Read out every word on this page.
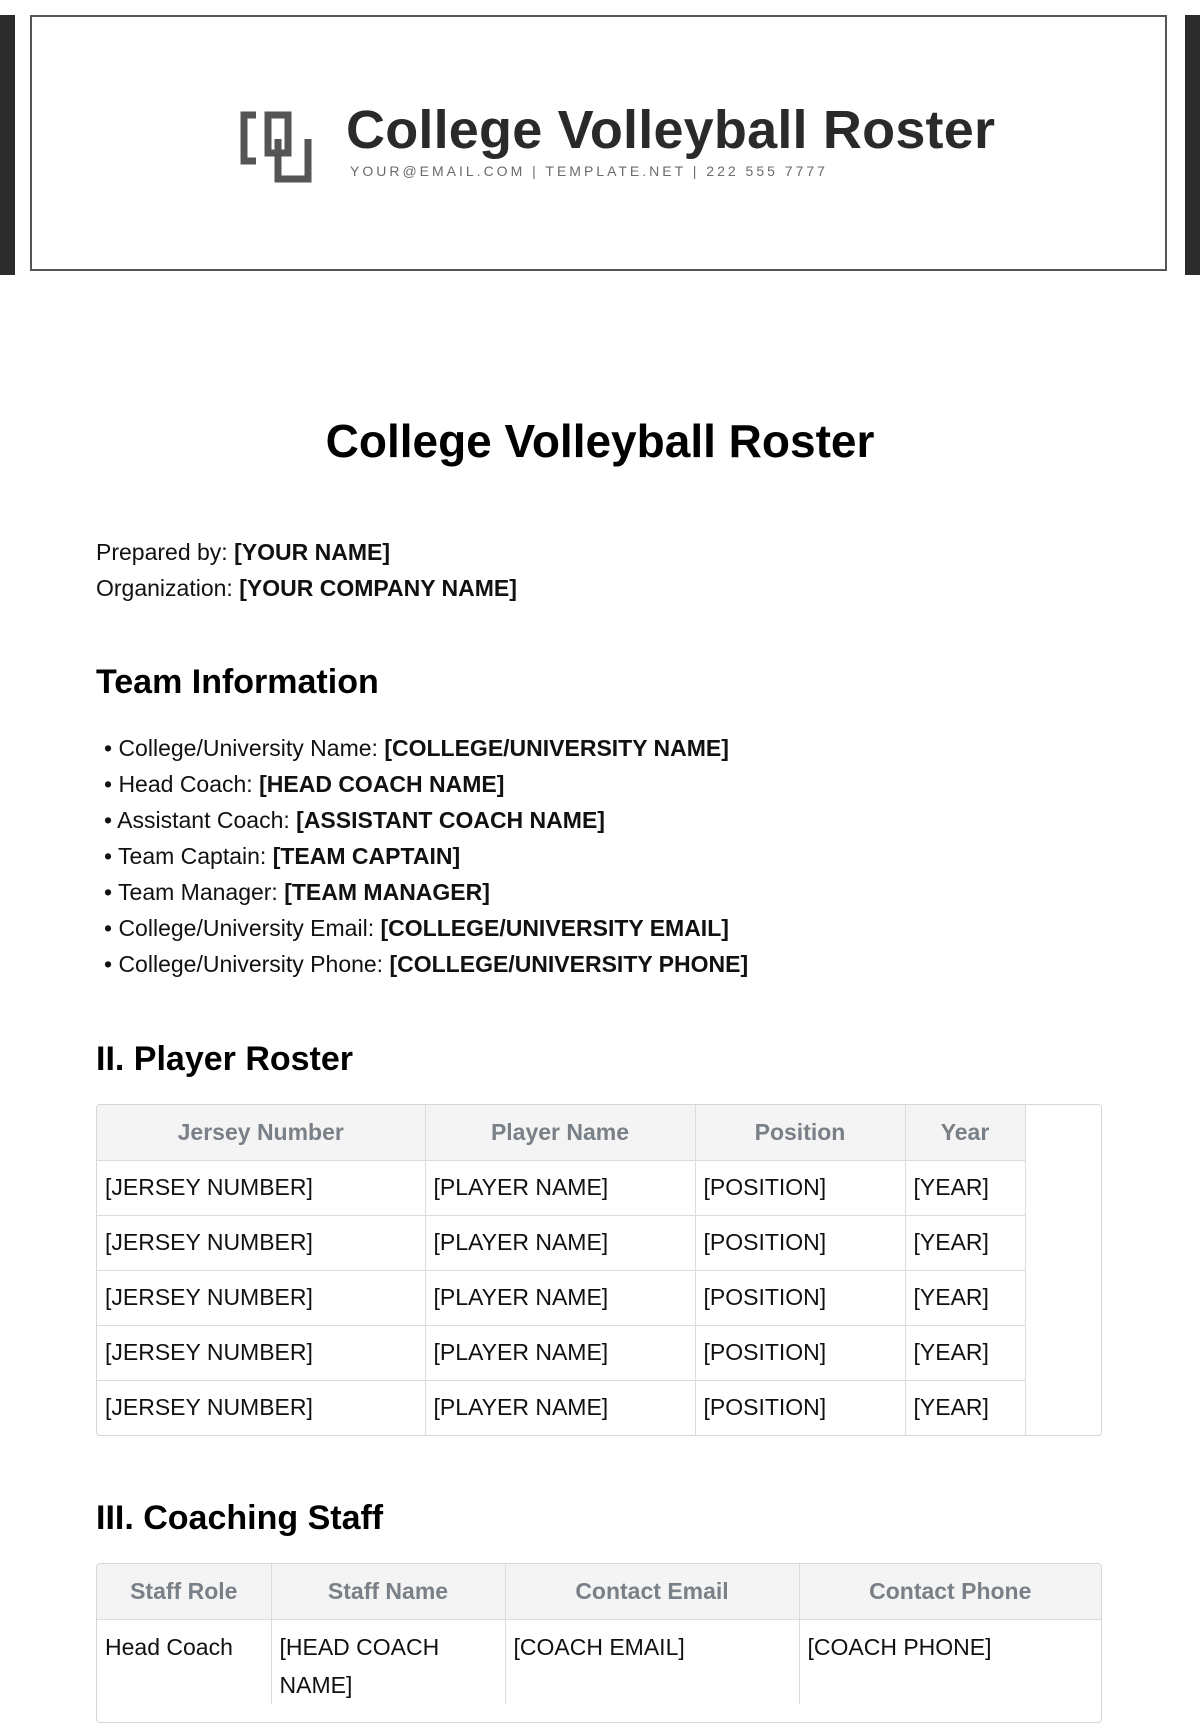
College Volleyball Roster
YOUR@EMAIL.COM | TEMPLATE.NET | 222 555 7777
College Volleyball Roster
Prepared by: [YOUR NAME]
Organization: [YOUR COMPANY NAME]
Team Information
• College/University Name: [COLLEGE/UNIVERSITY NAME]
• Head Coach: [HEAD COACH NAME]
• Assistant Coach: [ASSISTANT COACH NAME]
• Team Captain: [TEAM CAPTAIN]
• Team Manager: [TEAM MANAGER]
• College/University Email: [COLLEGE/UNIVERSITY EMAIL]
• College/University Phone: [COLLEGE/UNIVERSITY PHONE]
II. Player Roster
Jersey Number	Player Name	Position	Year
[JERSEY NUMBER]	[PLAYER NAME]	[POSITION]	[YEAR]
[JERSEY NUMBER]	[PLAYER NAME]	[POSITION]	[YEAR]
[JERSEY NUMBER]	[PLAYER NAME]	[POSITION]	[YEAR]
[JERSEY NUMBER]	[PLAYER NAME]	[POSITION]	[YEAR]
[JERSEY NUMBER]	[PLAYER NAME]	[POSITION]	[YEAR]
III. Coaching Staff
Staff Role	Staff Name	Contact Email	Contact Phone
Head Coach	[HEAD COACH NAME]	[COACH EMAIL]	[COACH PHONE]
